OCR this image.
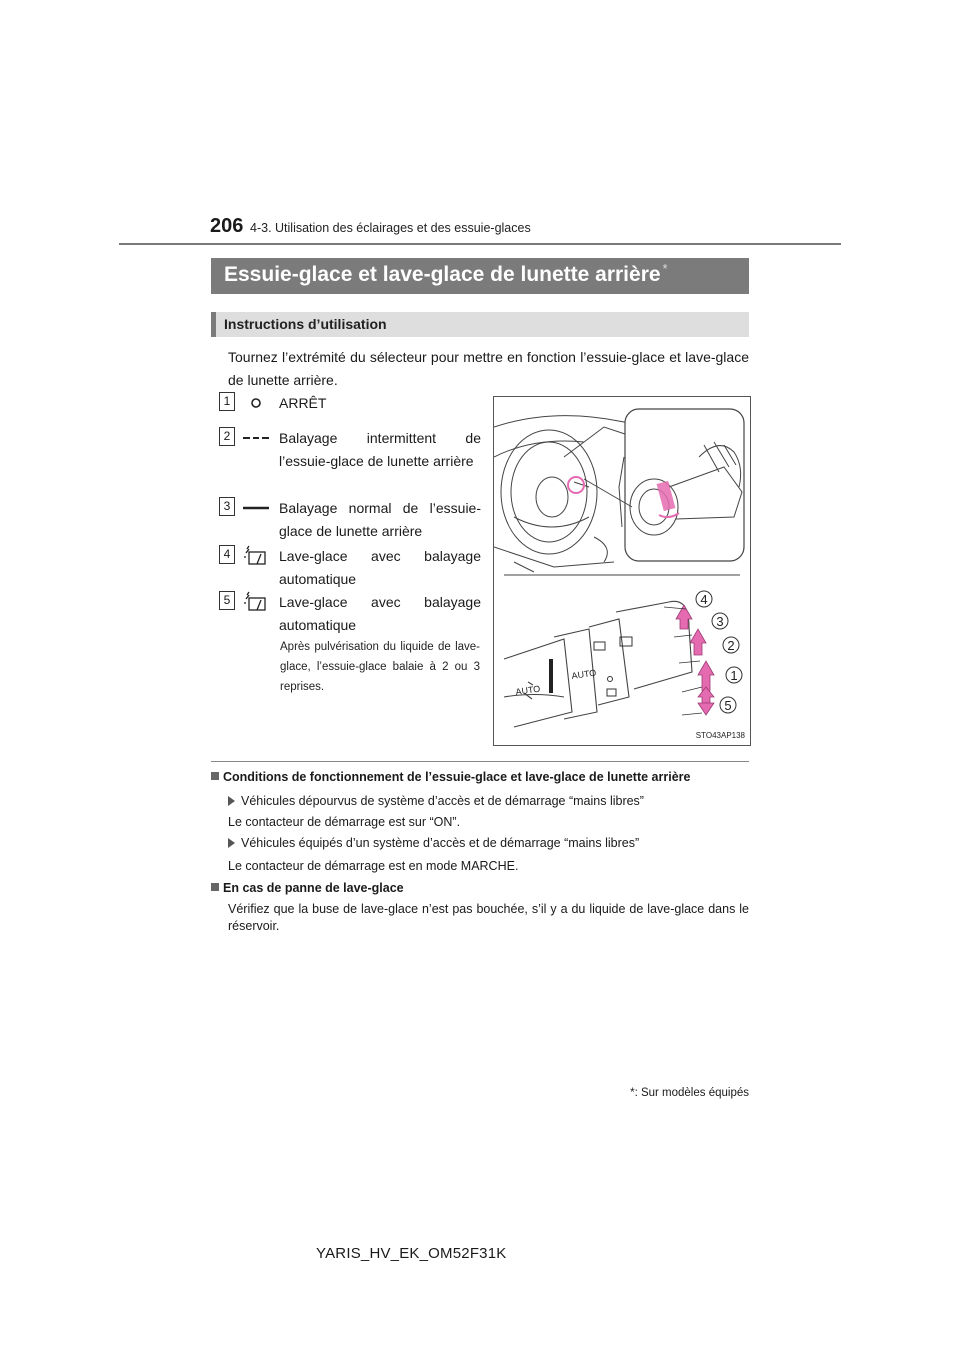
206 4-3. Utilisation des éclairages et des essuie-glaces
Essuie-glace et lave-glace de lunette arrière *
Instructions d’utilisation
Tournez l’extrémité du sélecteur pour mettre en fonction l’essuie-glace et lave-glace de lunette arrière.
1	ARRÊT
2	Balayage intermittent de l’essuie-glace de lunette arrière
3	Balayage normal de l’essuie-glace de lunette arrière
4	Lave-glace avec balayage automatique
5	Lave-glace avec balayage automatique
Après pulvérisation du liquide de lave-glace, l’essuie-glace balaie à 2 ou 3 reprises.
AUTO
AUTO
4
3
2
1
5
STO43AP138
Conditions de fonctionnement de l’essuie-glace et lave-glace de lunette arrière
Véhicules dépourvus de système d’accès et de démarrage “mains libres”
Le contacteur de démarrage est sur “ON”.
Véhicules équipés d’un système d’accès et de démarrage “mains libres”
Le contacteur de démarrage est en mode MARCHE.
En cas de panne de lave-glace
Vérifiez que la buse de lave-glace n’est pas bouchée, s’il y a du liquide de lave-glace dans le réservoir.
*: Sur modèles équipés
YARIS_HV_EK_OM52F31K
